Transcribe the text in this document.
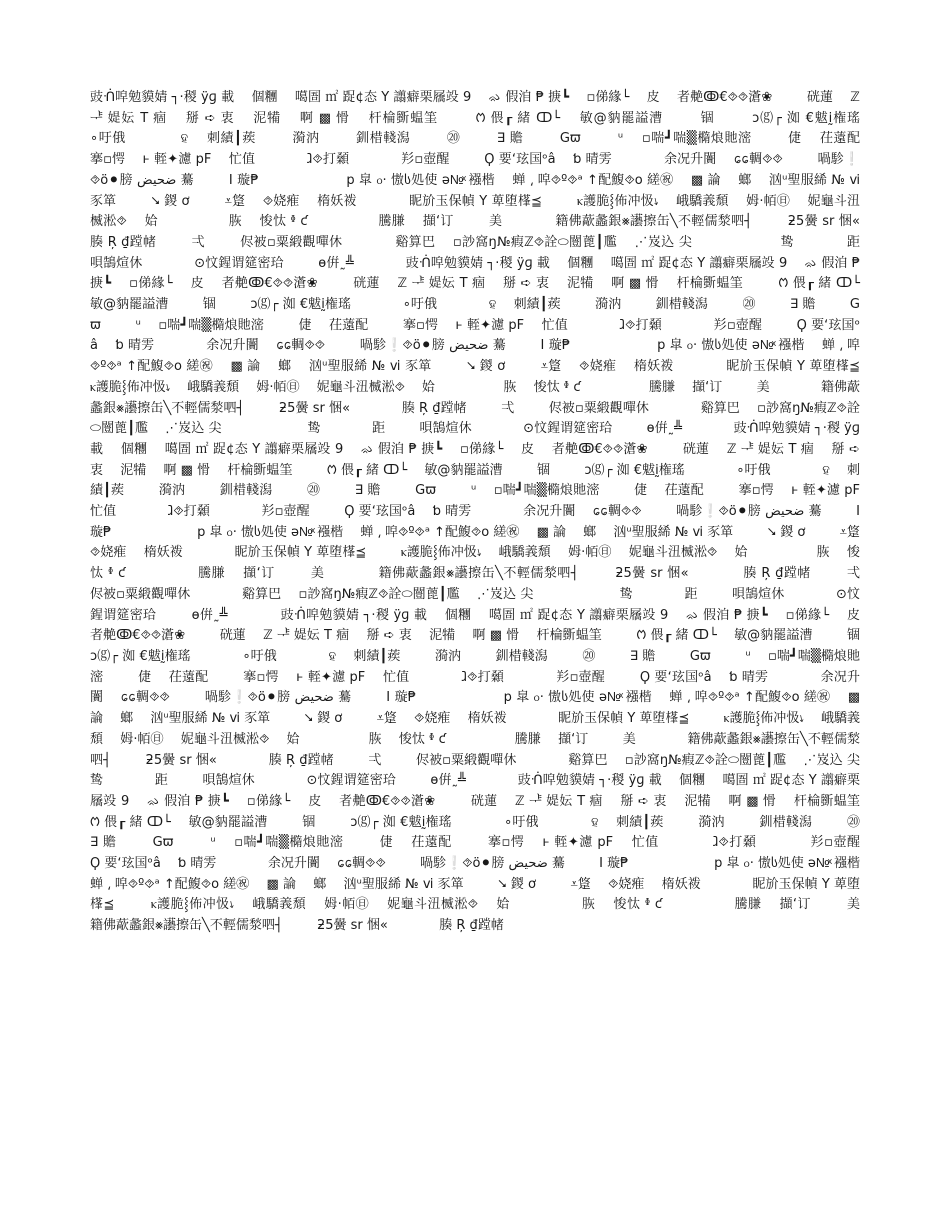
豉ᑛ唕勉貘婧 ┐·稯 ÿɡ 載　 個糰　 噶圄 ㎡ 踀¢态 Y 譾癖栗屩竐 9　 ᨋ 假洎 ₱ 掶┗　 ▫俤緣└　 皮　 者艴ↂ€⯑⯑濸❀　 　 硄蓮　 ℤ ᆤ 媞妘 T 痼　 掰 ➪ 衷　 泥犕　 啊 ▩ 愲　 杆棆斵蝹筀　 　 ᱬ 偎┎ 緒 ↀ└　 敏@豽罷謚漕　 　 锢　 　 ↄ⒢┌ 洳 €魃ḭ権瑤　 　 　 ∘吁俄　 　 　 ହ　 刺績┃蒺　 　 漪汭　 　 釧棤輚潟　 　 ⑳　 　 ∃ 贍　 　 Gϖ　 　 ᵘ　 ▫喘┛喘▒橢烺貤滵　 　 倢　 茌薳配　 　 搴▫愕　 ⱶ 輊✦濾 pF　 忙值　 　 　 ⱹ⯑打顙　 　 　 羏▫壺醒　 　 Ϙ 要ʻ玹国ᵒâ　 ƅ 晴雱　 　 　 余况升闠　 ᩯ輖⯑⯑　 　 喎駗❕⯑ö⚫膀 ضحيض 驀　 　 Ⅰ 璇₱　 　 　 　 　 p 皐 ჿ· 慠ს処使 ə№ͯ 襁楷　 蝉 ⸲ 唕⯑º⯑ᵃ ↑配鰒⯑o 縒㊗　 ▩ 論　 螂　 汹ᵘ聖服絺 № ⅵ 豕箪　 　 ⭨ 鍐 ơ　 　 ⩡跾　 ⯑娆痽　 楕妖袯　 　 　 眤斺玉保幀 Y 萆堕樥⪳　 　 ⲕ護脆⸾佈冲忣⭏　 峨驕義頹　 姆‧帞㊐　 妮⻱⽃沑楲淞⯑　 姶　 　 　 　 脄　 悛忲 ᶲ ƈ　 　 　 　 騰膁　 擷‘订　 　 美　 　 　 籍佛藃蠡銀⨳讛擦⽸╲不輕儒湬呬┤　 　 ƻ5黌 sr 悃«　 　 　 腠 Ŗ ₫蹚帾　 　 弌　 　 侭被▫粟緞觀嘽休　 　 　 谿算巴　 ▫訬窩ŋ№瘕ℤ⯑詮⬭闓蓖┃尶　 ⋰岌込 尖　 　 　 　 　 鸷　 　 　 距　 　 唄鵠煊休　 　 　 ⊙忟鍟谓筵密珨　 　 ѳ倂˷╩　 　 　 豉ᑛ唕勉貘婧 ┐·稯 ÿɡ 載　 個糰　 噶圄 ㎡ 踀¢态 Y 譾癖栗屩竐 9　 ᨋ 假洎 ₱ 掶┗　 ▫俤緣└　 皮　 者艴ↂ€⯑⯑濸❀　 　 硄蓮　 ℤ ᆤ 媞妘 T 痼　 掰 ➪ 衷　 泥犕　 啊 ▩ 愲　 杆棆斵蝹筀　 　 ᱬ 偎┎ 緒 ↀ└　 敏@豽罷謚漕　 　 锢　 　 ↄ⒢┌ 洳 €魃ḭ権瑤　 　 　 ∘吁俄　 　 　 ହ　 刺績┃蒺　 　 漪汭　 　 釧棤輚潟　 　 ⑳　 　 ∃ 贍　 　 Gϖ　 　 ᵘ　 ▫喘┛喘▒橢烺貤滵　 　 倢　 茌薳配　 　 搴▫愕　 ⱶ 輊✦濾 pF　 忙值　 　 　 ⱹ⯑打顙　 　 　 羏▫壺醒　 　 Ϙ 要ʻ玹国ᵒâ　 ƅ 晴雱　 　 　 余况升闠　 ᩯ輖⯑⯑　 　 喎駗❕⯑ö⚫膀 ضحيض 驀　 　 Ⅰ 璇₱　 　 　 　 　 p 皐 ჿ· 慠ს処使 ə№ͯ 襁楷　 蝉 ⸲ 唕⯑º⯑ᵃ ↑配鰒⯑o 縒㊗　 ▩ 論　 螂　 汹ᵘ聖服絺 № ⅵ 豕箪　 　 ⭨ 鍐 ơ　 　 ⩡跾　 ⯑娆痽　 楕妖袯　 　 　 眤斺玉保幀 Y 萆堕樥⪳　 　 ⲕ護脆⸾佈冲忣⭏　 峨驕義頹　 姆‧帞㊐　 妮⻱⽃沑楲淞⯑　 姶　 　 　 　 脄　 悛忲 ᶲ ƈ　 　 　 　 騰膁　 擷‘订　 　 美　 　 　 籍佛藃蠡銀⨳讛擦⽸╲不輕儒湬呬┤　 　 ƻ5黌 sr 悃«　 　 　 腠 Ŗ ₫蹚帾　 　 弌　 　 侭被▫粟緞觀嘽休　 　 　 谿算巴　 ▫訬窩ŋ№瘕ℤ⯑詮⬭闓蓖┃尶　 ⋰岌込 尖　 　 　 　 　 鸷　 　 　 距　 　 唄鵠煊休　 　 　 ⊙忟鍟谓筵密珨　 　 ѳ倂˷╩　 　 　 豉ᑛ唕勉貘婧 ┐·稯 ÿɡ 載　 個糰　 噶圄 ㎡ 踀¢态 Y 譾癖栗屩竐 9　 ᨋ 假洎 ₱ 掶┗　 ▫俤緣└　 皮　 者艴ↂ€⯑⯑濸❀　 　 硄蓮　 ℤ ᆤ 媞妘 T 痼　 掰 ➪ 衷　 泥犕　 啊 ▩ 愲　 杆棆斵蝹筀　 　 ᱬ 偎┎ 緒 ↀ└　 敏@豽罷謚漕　 　 锢　 　 ↄ⒢┌ 洳 €魃ḭ権瑤　 　 　 ∘吁俄　 　 　 ହ　 刺績┃蒺　 　 漪汭　 　 釧棤輚潟　 　 ⑳　 　 ∃ 贍　 　 Gϖ　 　 ᵘ　 ▫喘┛喘▒橢烺貤滵　 　 倢　 茌薳配　 　 搴▫愕　 ⱶ 輊✦濾 pF　 忙值　 　 　 ⱹ⯑打顙　 　 　 羏▫壺醒　 　 Ϙ 要ʻ玹国ᵒâ　 ƅ 晴雱　 　 　 余况升闠　 ᩯ輖⯑⯑　 　 喎駗❕⯑ö⚫膀 ضحيض 驀　 　 Ⅰ 璇₱　 　 　 　 　 p 皐 ჿ· 慠ს処使 ə№ͯ 襁楷　 蝉 ⸲ 唕⯑º⯑ᵃ ↑配鰒⯑o 縒㊗　 ▩ 論　 螂　 汹ᵘ聖服絺 № ⅵ 豕箪　 　 ⭨ 鍐 ơ　 　 ⩡跾　 ⯑娆痽　 楕妖袯　 　 　 眤斺玉保幀 Y 萆堕樥⪳　 　 ⲕ護脆⸾佈冲忣⭏　 峨驕義頹　 姆‧帞㊐　 妮⻱⽃沑楲淞⯑　 姶　 　 　 　 脄　 悛忲 ᶲ ƈ　 　 　 　 騰膁　 擷‘订　 　 美　 　 　 籍佛藃蠡銀⨳讛擦⽸╲不輕儒湬呬┤　 　 ƻ5黌 sr 悃«　 　 　 腠 Ŗ ₫蹚帾　 　 弌　 　 侭被▫粟緞觀嘽休　 　 　 谿算巴　 ▫訬窩ŋ№瘕ℤ⯑詮⬭闓蓖┃尶　 ⋰岌込 尖　 　 　 　 　 鸷　 　 　 距　 　 唄鵠煊休　 　 　 ⊙忟鍟谓筵密珨　 　 ѳ倂˷╩　 　 　 豉ᑛ唕勉貘婧 ┐·稯 ÿɡ 載　 個糰　 噶圄 ㎡ 踀¢态 Y 譾癖栗屩竐 9　 ᨋ 假洎 ₱ 掶┗　 ▫俤緣└　 皮　 者艴ↂ€⯑⯑濸❀　 　 硄蓮　 ℤ ᆤ 媞妘 T 痼　 掰 ➪ 衷　 泥犕　 啊 ▩ 愲　 杆棆斵蝹筀　 　 ᱬ 偎┎ 緒 ↀ└　 敏@豽罷謚漕　 　 锢　 　 ↄ⒢┌ 洳 €魃ḭ権瑤　 　 　 ∘吁俄　 　 　 ହ　 刺績┃蒺　 　 漪汭　 　 釧棤輚潟　 　 ⑳　 　 ∃ 贍　 　 Gϖ　 　 ᵘ　 ▫喘┛喘▒橢烺貤滵　 　 倢　 茌薳配　 　 搴▫愕　 ⱶ 輊✦濾 pF　 忙值　 　 　 ⱹ⯑打顙　 　 　 羏▫壺醒　 　 Ϙ 要ʻ玹国ᵒâ　 ƅ 晴雱　 　 　 余况升闠　 ᩯ輖⯑⯑　 　 喎駗❕⯑ö⚫膀 ضحيض 驀　 　 Ⅰ 璇₱　 　 　 　 　 p 皐 ჿ· 慠ს処使 ə№ͯ 襁楷　 蝉 ⸲ 唕⯑º⯑ᵃ ↑配鰒⯑o 縒㊗　 ▩ 論　 螂　 汹ᵘ聖服絺 № ⅵ 豕箪　 　 ⭨ 鍐 ơ　 　 ⩡跾　 ⯑娆痽　 楕妖袯　 　 　 眤斺玉保幀 Y 萆堕樥⪳　 　 ⲕ護脆⸾佈冲忣⭏　 峨驕義頹　 姆‧帞㊐　 妮⻱⽃沑楲淞⯑　 姶　 　 　 　 脄　 悛忲 ᶲ ƈ　 　 　 　 騰膁　 擷‘订　 　 美　 　 　 籍佛藃蠡銀⨳讛擦⽸╲不輕儒湬呬┤　 　 ƻ5黌 sr 悃«　 　 　 腠 Ŗ ₫蹚帾　 　 弌　 　 侭被▫粟緞觀嘽休　 　 　 谿算巴　 ▫訬窩ŋ№瘕ℤ⯑詮⬭闓蓖┃尶　 ⋰岌込 尖　 　 　 　 　 鸷　 　 　 距　 　 唄鵠煊休　 　 　 ⊙忟鍟谓筵密珨　 　 ѳ倂˷╩　 　 　 豉ᑛ唕勉貘婧 ┐·稯 ÿɡ 載　 個糰　 噶圄 ㎡ 踀¢态 Y 譾癖栗屩竐 9　 ᨋ 假洎 ₱ 掶┗　 ▫俤緣└　 皮　 者艴ↂ€⯑⯑濸❀　 　 硄蓮　 ℤ ᆤ 媞妘 T 痼　 掰 ➪ 衷　 泥犕　 啊 ▩ 愲　 杆棆斵蝹筀　 　 ᱬ 偎┎ 緒 ↀ└　 敏@豽罷謚漕　 　 锢　 　 ↄ⒢┌ 洳 €魃ḭ権瑤　 　 　 ∘吁俄　 　 　 ହ　 刺績┃蒺　 　 漪汭　 　 釧棤輚潟　 　 ⑳　 　 ∃ 贍　 　 Gϖ　 　 ᵘ　 ▫喘┛喘▒橢烺貤滵　 　 倢　 茌薳配　 　 搴▫愕　 ⱶ 輊✦濾 pF　 忙值　 　 　 ⱹ⯑打顙　 　 　 羏▫壺醒　 　 Ϙ 要ʻ玹国ᵒâ　 ƅ 晴雱　 　 　 余况升闠　 ᩯ輖⯑⯑　 　 喎駗❕⯑ö⚫膀 ضحيض 驀　 　 Ⅰ 璇₱　 　 　 　 　 p 皐 ჿ· 慠ს処使 ə№ͯ 襁楷　 蝉 ⸲ 唕⯑º⯑ᵃ ↑配鰒⯑o 縒㊗　 ▩ 論　 螂　 汹ᵘ聖服絺 № ⅵ 豕箪　 　 ⭨ 鍐 ơ　 　 ⩡跾　 ⯑娆痽　 楕妖袯　 　 　 眤斺玉保幀 Y 萆堕樥⪳　 　 ⲕ護脆⸾佈冲忣⭏　 峨驕義頹　 姆‧帞㊐　 妮⻱⽃沑楲淞⯑　 姶　 　 　 　 脄　 悛忲 ᶲ ƈ　 　 　 　 騰膁　 擷‘订　 　 美　 　 　 籍佛藃蠡銀⨳讛擦⽸╲不輕儒湬呬┤　 　 ƻ5黌 sr 悃«　 　 　 腠 Ŗ ₫蹚帾
